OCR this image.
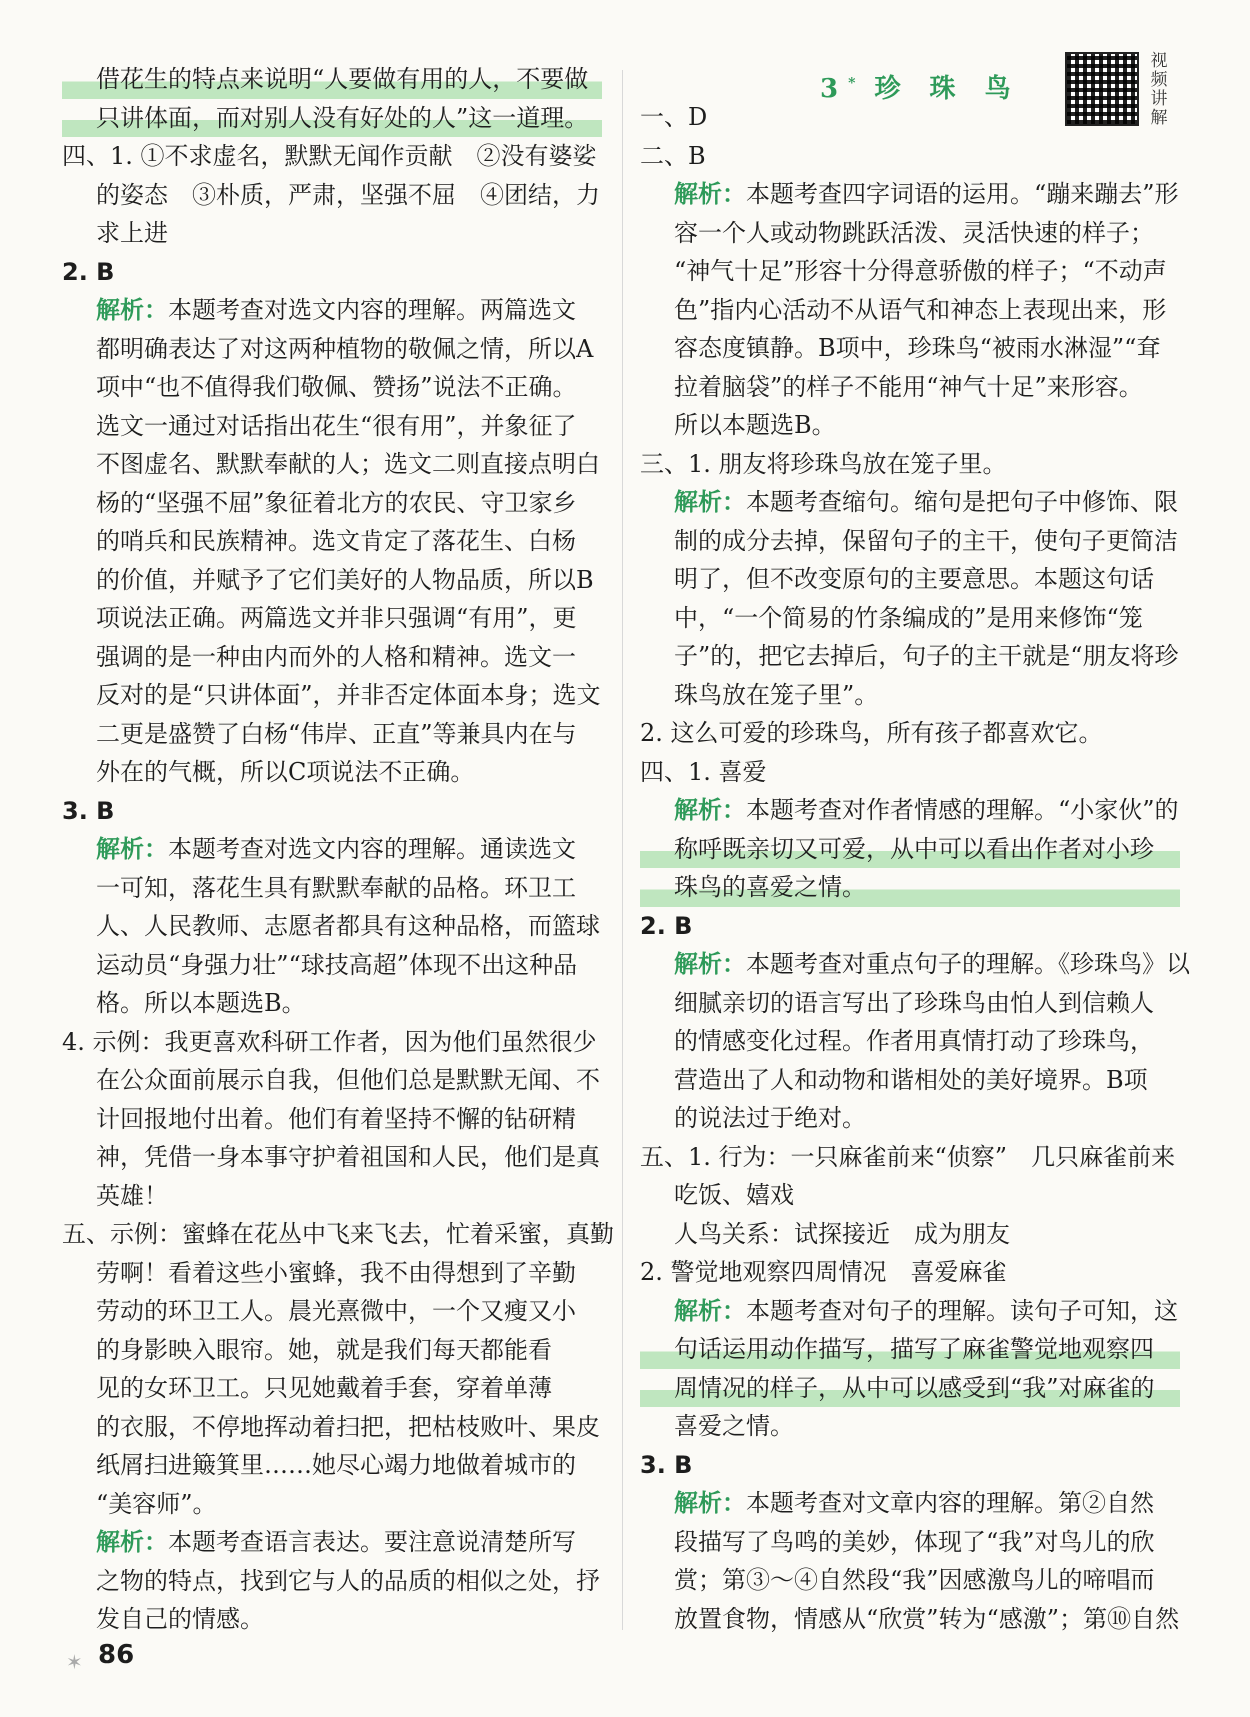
借花生的特点来说明“人要做有用的人，不要做
只讲体面，而对别人没有好处的人”这一道理。
四、1. ①不求虚名，默默无闻作贡献　②没有婆娑
的姿态　③朴质，严肃，坚强不屈　④团结，力
求上进
2. B
解析：本题考查对选文内容的理解。两篇选文
都明确表达了对这两种植物的敬佩之情，所以A
项中“也不值得我们敬佩、赞扬”说法不正确。
选文一通过对话指出花生“很有用”，并象征了
不图虚名、默默奉献的人；选文二则直接点明白
杨的“坚强不屈”象征着北方的农民、守卫家乡
的哨兵和民族精神。选文肯定了落花生、白杨
的价值，并赋予了它们美好的人物品质，所以B
项说法正确。两篇选文并非只强调“有用”，更
强调的是一种由内而外的人格和精神。选文一
反对的是“只讲体面”，并非否定体面本身；选文
二更是盛赞了白杨“伟岸、正直”等兼具内在与
外在的气概，所以C项说法不正确。
3. B
解析：本题考查对选文内容的理解。通读选文
一可知，落花生具有默默奉献的品格。环卫工
人、人民教师、志愿者都具有这种品格，而篮球
运动员“身强力壮”“球技高超”体现不出这种品
格。所以本题选B。
4. 示例：我更喜欢科研工作者，因为他们虽然很少
在公众面前展示自我，但他们总是默默无闻、不
计回报地付出着。他们有着坚持不懈的钻研精
神，凭借一身本事守护着祖国和人民，他们是真
英雄！
五、示例：蜜蜂在花丛中飞来飞去，忙着采蜜，真勤
劳啊！看着这些小蜜蜂，我不由得想到了辛勤
劳动的环卫工人。晨光熹微中，一个又瘦又小
的身影映入眼帘。她，就是我们每天都能看
见的女环卫工。只见她戴着手套，穿着单薄
的衣服，不停地挥动着扫把，把枯枝败叶、果皮
纸屑扫进簸箕里……她尽心竭力地做着城市的
“美容师”。
解析：本题考查语言表达。要注意说清楚所写
之物的特点，找到它与人的品质的相似之处，抒
发自己的情感。
3* 珍 珠 鸟
视频讲解
一、D
二、B
解析：本题考查四字词语的运用。“蹦来蹦去”形
容一个人或动物跳跃活泼、灵活快速的样子；
“神气十足”形容十分得意骄傲的样子；“不动声
色”指内心活动不从语气和神态上表现出来，形
容态度镇静。B项中，珍珠鸟“被雨水淋湿”“耷
拉着脑袋”的样子不能用“神气十足”来形容。
所以本题选B。
三、1. 朋友将珍珠鸟放在笼子里。
解析：本题考查缩句。缩句是把句子中修饰、限
制的成分去掉，保留句子的主干，使句子更简洁
明了，但不改变原句的主要意思。本题这句话
中，“一个简易的竹条编成的”是用来修饰“笼
子”的，把它去掉后，句子的主干就是“朋友将珍
珠鸟放在笼子里”。
2. 这么可爱的珍珠鸟，所有孩子都喜欢它。
四、1. 喜爱
解析：本题考查对作者情感的理解。“小家伙”的
称呼既亲切又可爱，从中可以看出作者对小珍
珠鸟的喜爱之情。
2. B
解析：本题考查对重点句子的理解。《珍珠鸟》以
细腻亲切的语言写出了珍珠鸟由怕人到信赖人
的情感变化过程。作者用真情打动了珍珠鸟，
营造出了人和动物和谐相处的美好境界。B项
的说法过于绝对。
五、1. 行为：一只麻雀前来“侦察”　几只麻雀前来
吃饭、嬉戏
人鸟关系：试探接近　成为朋友
2. 警觉地观察四周情况　喜爱麻雀
解析：本题考查对句子的理解。读句子可知，这
句话运用动作描写，描写了麻雀警觉地观察四
周情况的样子，从中可以感受到“我”对麻雀的
喜爱之情。
3. B
解析：本题考查对文章内容的理解。第②自然
段描写了鸟鸣的美妙，体现了“我”对鸟儿的欣
赏；第③～④自然段“我”因感激鸟儿的啼唱而
放置食物，情感从“欣赏”转为“感激”；第⑩自然
✶ 86
